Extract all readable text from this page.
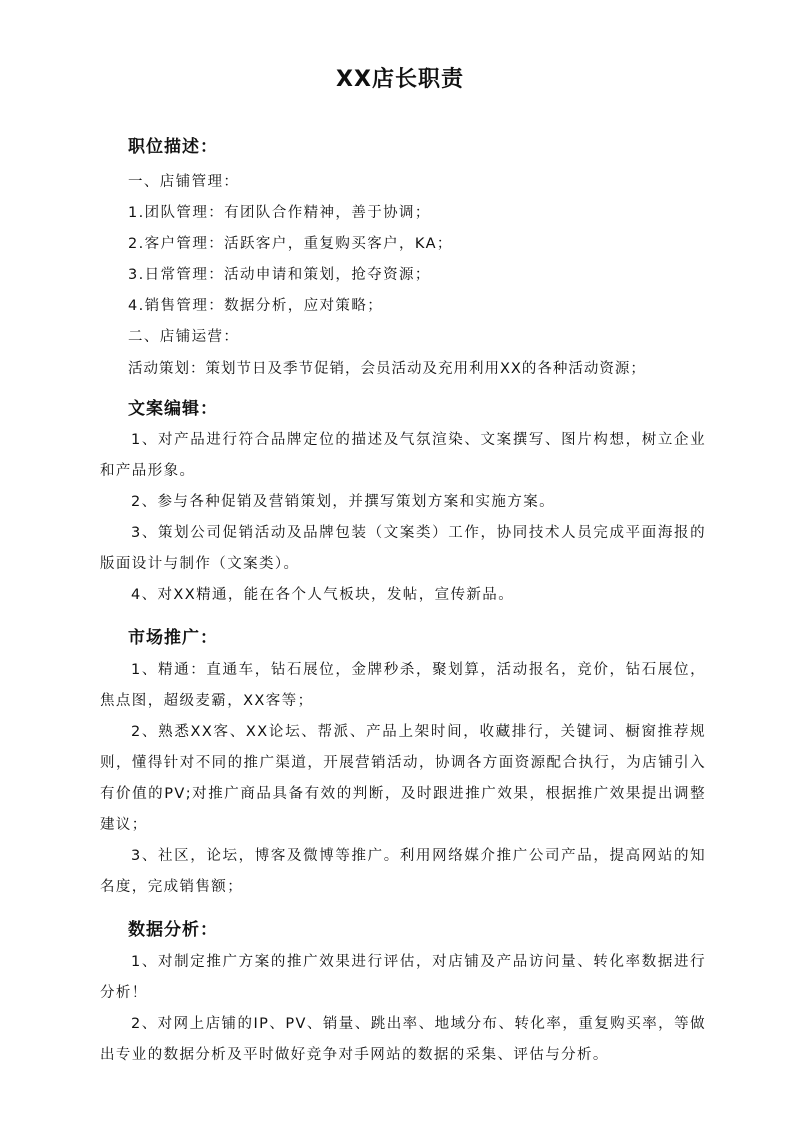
XX店长职责
职位描述：
一、店铺管理：
1.团队管理：有团队合作精神，善于协调；
2.客户管理：活跃客户，重复购买客户，KA；
3.日常管理：活动申请和策划，抢夺资源；
4.销售管理：数据分析，应对策略；
二、店铺运营：
活动策划：策划节日及季节促销，会员活动及充用利用XX的各种活动资源；
文案编辑：
1、对产品进行符合品牌定位的描述及气氛渲染、文案撰写、图片构想，树立企业和产品形象。
2、参与各种促销及营销策划，并撰写策划方案和实施方案。
3、策划公司促销活动及品牌包装（文案类）工作，协同技术人员完成平面海报的版面设计与制作（文案类）。
4、对XX精通，能在各个人气板块，发帖，宣传新品。
市场推广：
1、精通：直通车，钻石展位，金牌秒杀，聚划算，活动报名，竞价，钻石展位，焦点图，超级麦霸，XX客等；
2、熟悉XX客、XX论坛、帮派、产品上架时间，收藏排行，关键词、橱窗推荐规则，懂得针对不同的推广渠道，开展营销活动，协调各方面资源配合执行，为店铺引入有价值的PV;对推广商品具备有效的判断，及时跟进推广效果，根据推广效果提出调整建议；
3、社区，论坛，博客及微博等推广。利用网络媒介推广公司产品，提高网站的知名度，完成销售额；
数据分析：
1、对制定推广方案的推广效果进行评估，对店铺及产品访问量、转化率数据进行分析！
2、对网上店铺的IP、PV、销量、跳出率、地域分布、转化率，重复购买率，等做出专业的数据分析及平时做好竞争对手网站的数据的采集、评估与分析。
